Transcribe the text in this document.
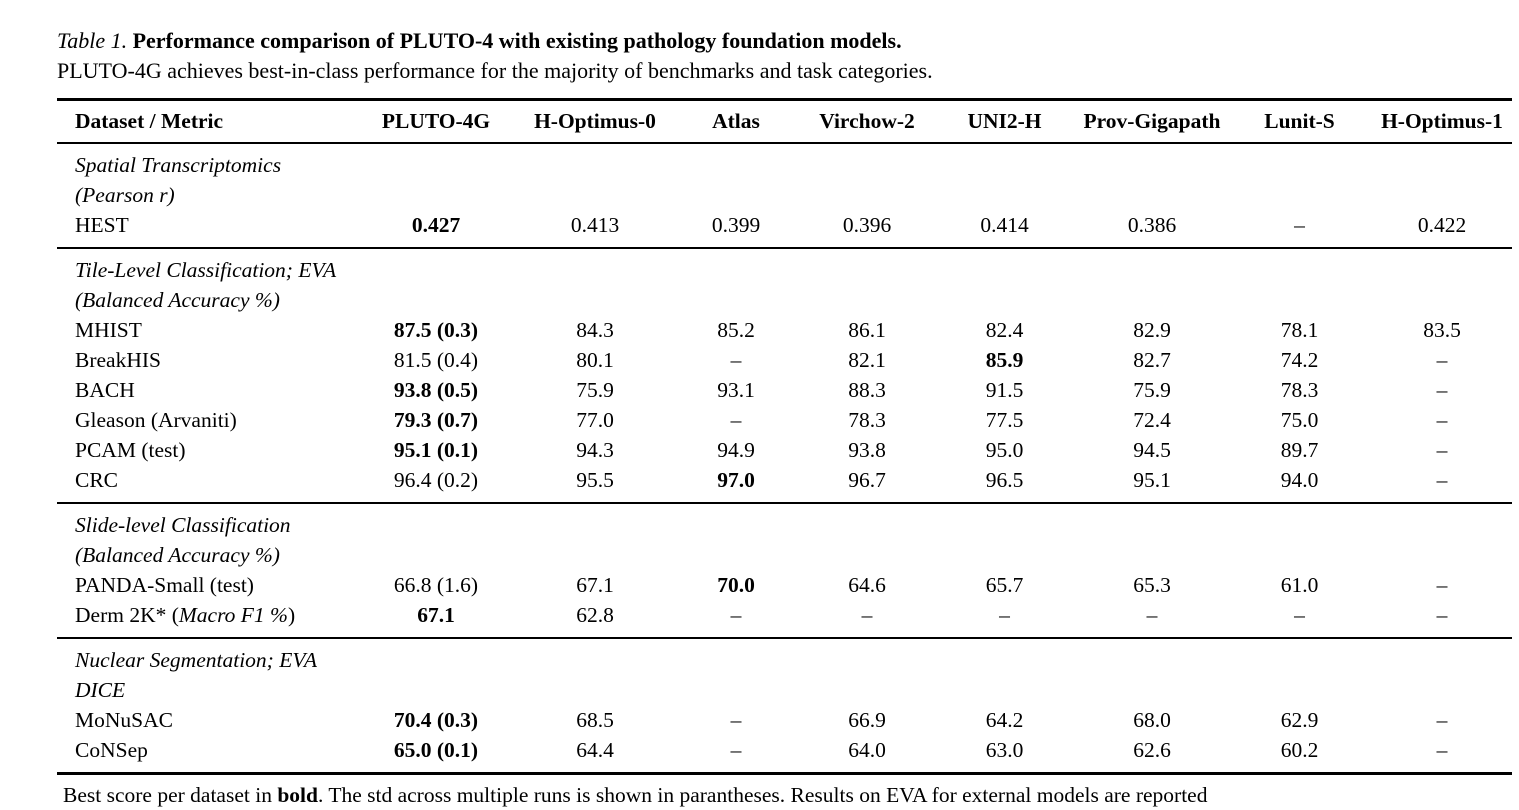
Table 1. Performance comparison of PLUTO-4 with existing pathology foundation models.
PLUTO-4G achieves best-in-class performance for the majority of benchmarks and task categories.
Dataset / Metric	PLUTO-4G	H-Optimus-0	Atlas	Virchow-2	UNI2-H	Prov-Gigapath	Lunit-S	H-Optimus-1
Spatial Transcriptomics								
(Pearson r)								
HEST	0.427	0.413	0.399	0.396	0.414	0.386	–	0.422
Tile-Level Classification; EVA								
(Balanced Accuracy %)								
MHIST	87.5 (0.3)	84.3	85.2	86.1	82.4	82.9	78.1	83.5
BreakHIS	81.5 (0.4)	80.1	–	82.1	85.9	82.7	74.2	–
BACH	93.8 (0.5)	75.9	93.1	88.3	91.5	75.9	78.3	–
Gleason (Arvaniti)	79.3 (0.7)	77.0	–	78.3	77.5	72.4	75.0	–
PCAM (test)	95.1 (0.1)	94.3	94.9	93.8	95.0	94.5	89.7	–
CRC	96.4 (0.2)	95.5	97.0	96.7	96.5	95.1	94.0	–
Slide-level Classification								
(Balanced Accuracy %)								
PANDA-Small (test)	66.8 (1.6)	67.1	70.0	64.6	65.7	65.3	61.0	–
Derm 2K* (Macro F1 %)	67.1	62.8	–	–	–	–	–	–
Nuclear Segmentation; EVA								
DICE								
MoNuSAC	70.4 (0.3)	68.5	–	66.9	64.2	68.0	62.9	–
CoNSep	65.0 (0.1)	64.4	–	64.0	63.0	62.6	60.2	–
Best score per dataset in bold. The std across multiple runs is shown in parantheses. Results on EVA for external models are reported
